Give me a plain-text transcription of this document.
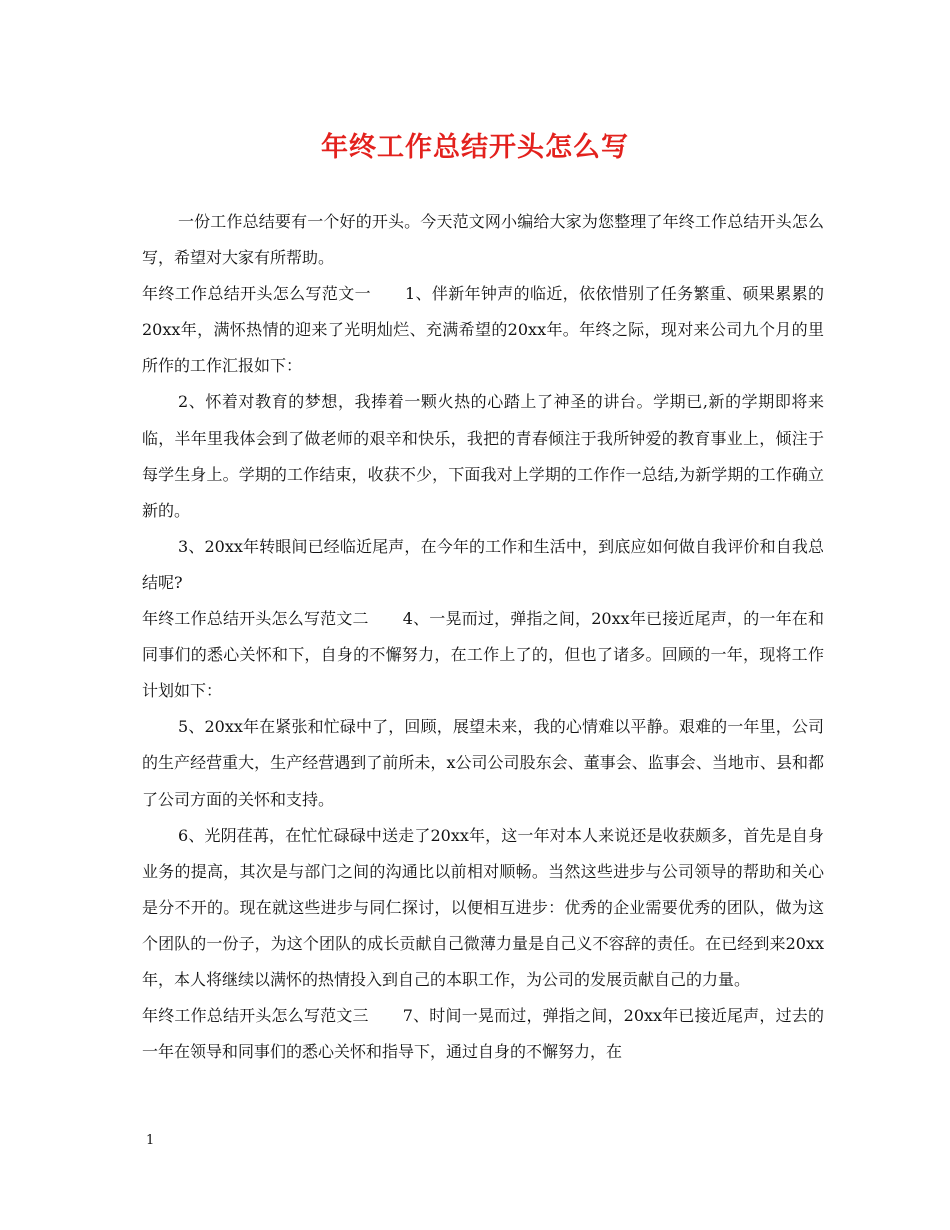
年终工作总结开头怎么写

一份工作总结要有一个好的开头。今天范文网小编给大家为您整理了年终工作总结开头怎么写，希望对大家有所帮助。

年终工作总结开头怎么写范文一 1、伴新年钟声的临近，依依惜别了任务繁重、硕果累累的20xx年，满怀热情的迎来了光明灿烂、充满希望的20xx年。年终之际，现对来公司九个月的里所作的工作汇报如下：

2、怀着对教育的梦想，我捧着一颗火热的心踏上了神圣的讲台。学期已,新的学期即将来临，半年里我体会到了做老师的艰辛和快乐，我把的青春倾注于我所钟爱的教育事业上，倾注于每学生身上。学期的工作结束，收获不少，下面我对上学期的工作作一总结,为新学期的工作确立新的。

3、20xx年转眼间已经临近尾声，在今年的工作和生活中，到底应如何做自我评价和自我总结呢?

年终工作总结开头怎么写范文二 4、一晃而过，弹指之间，20xx年已接近尾声，的一年在和同事们的悉心关怀和下，自身的不懈努力，在工作上了的，但也了诸多。回顾的一年，现将工作计划如下：

5、20xx年在紧张和忙碌中了，回顾，展望未来，我的心情难以平静。艰难的一年里，公司的生产经营重大，生产经营遇到了前所未，x公司公司股东会、董事会、监事会、当地市、县和都了公司方面的关怀和支持。

6、光阴荏苒，在忙忙碌碌中送走了20xx年，这一年对本人来说还是收获颇多，首先是自身业务的提高，其次是与部门之间的沟通比以前相对顺畅。当然这些进步与公司领导的帮助和关心是分不开的。现在就这些进步与同仁探讨，以便相互进步：优秀的企业需要优秀的团队，做为这个团队的一份子，为这个团队的成长贡献自己微薄力量是自己义不容辞的责任。在已经到来20xx年，本人将继续以满怀的热情投入到自己的本职工作，为公司的发展贡献自己的力量。

年终工作总结开头怎么写范文三 7、时间一晃而过，弹指之间，20xx年已接近尾声，过去的一年在领导和同事们的悉心关怀和指导下，通过自身的不懈努力，在

1
